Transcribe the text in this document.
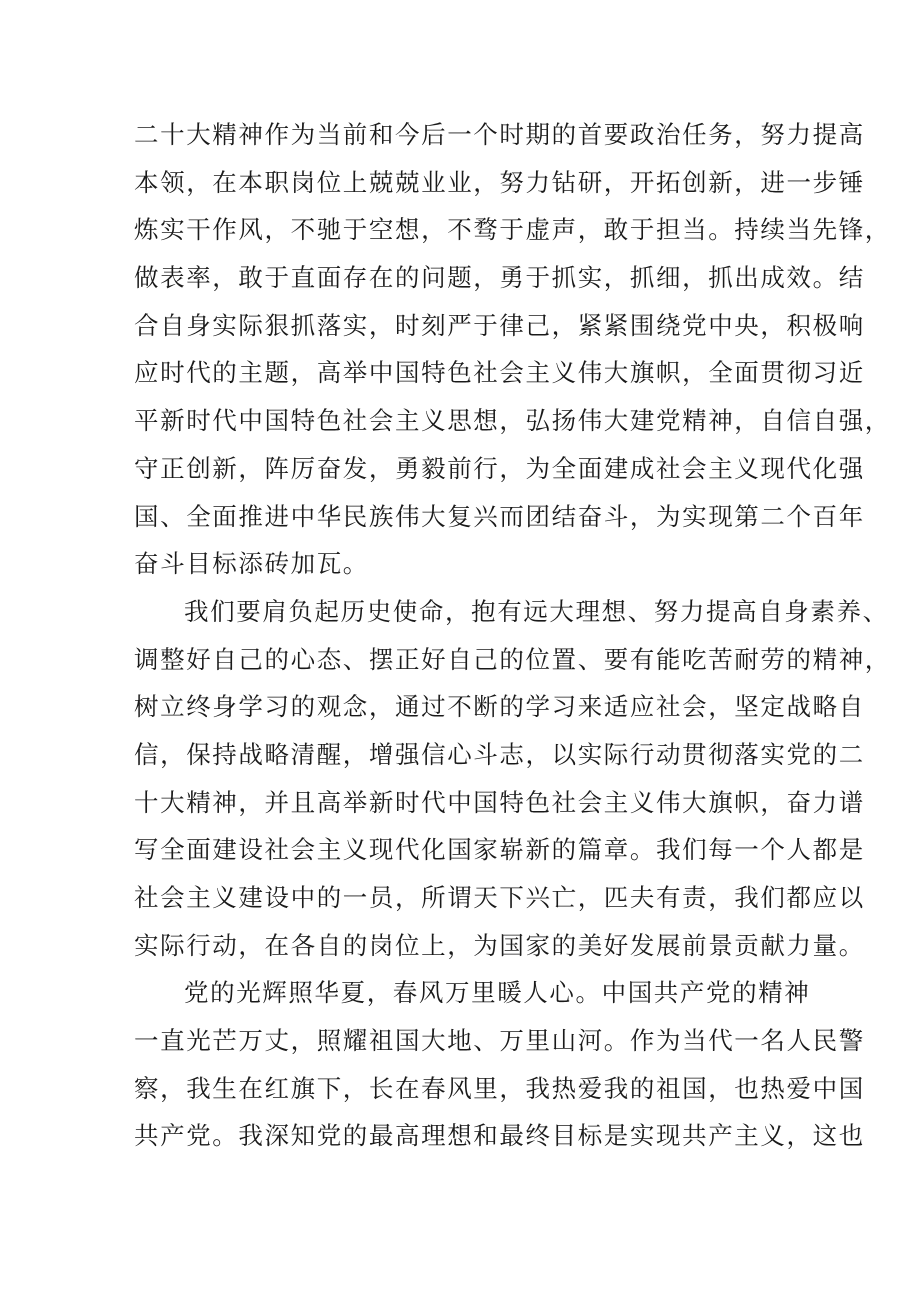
二十大精神作为当前和今后一个时期的首要政治任务，努力提高
本领，在本职岗位上兢兢业业，努力钻研，开拓创新，进一步锤
炼实干作风，不驰于空想，不骛于虚声，敢于担当。持续当先锋，
做表率，敢于直面存在的问题，勇于抓实，抓细，抓出成效。结
合自身实际狠抓落实，时刻严于律己，紧紧围绕党中央，积极响
应时代的主题，高举中国特色社会主义伟大旗帜，全面贯彻习近
平新时代中国特色社会主义思想，弘扬伟大建党精神，自信自强，
守正创新，阵厉奋发，勇毅前行，为全面建成社会主义现代化强
国、全面推进中华民族伟大复兴而团结奋斗，为实现第二个百年
奋斗目标添砖加瓦。
我们要肩负起历史使命，抱有远大理想、努力提高自身素养、
调整好自己的心态、摆正好自己的位置、要有能吃苦耐劳的精神，
树立终身学习的观念，通过不断的学习来适应社会，坚定战略自
信，保持战略清醒，增强信心斗志，以实际行动贯彻落实党的二
十大精神，并且高举新时代中国特色社会主义伟大旗帜，奋力谱
写全面建设社会主义现代化国家崭新的篇章。我们每一个人都是
社会主义建设中的一员，所谓天下兴亡，匹夫有责，我们都应以
实际行动，在各自的岗位上，为国家的美好发展前景贡献力量。
党的光辉照华夏，春风万里暖人心。中国共产党的精神
一直光芒万丈，照耀祖国大地、万里山河。作为当代一名人民警
察，我生在红旗下，长在春风里，我热爱我的祖国，也热爱中国
共产党。我深知党的最高理想和最终目标是实现共产主义，这也
